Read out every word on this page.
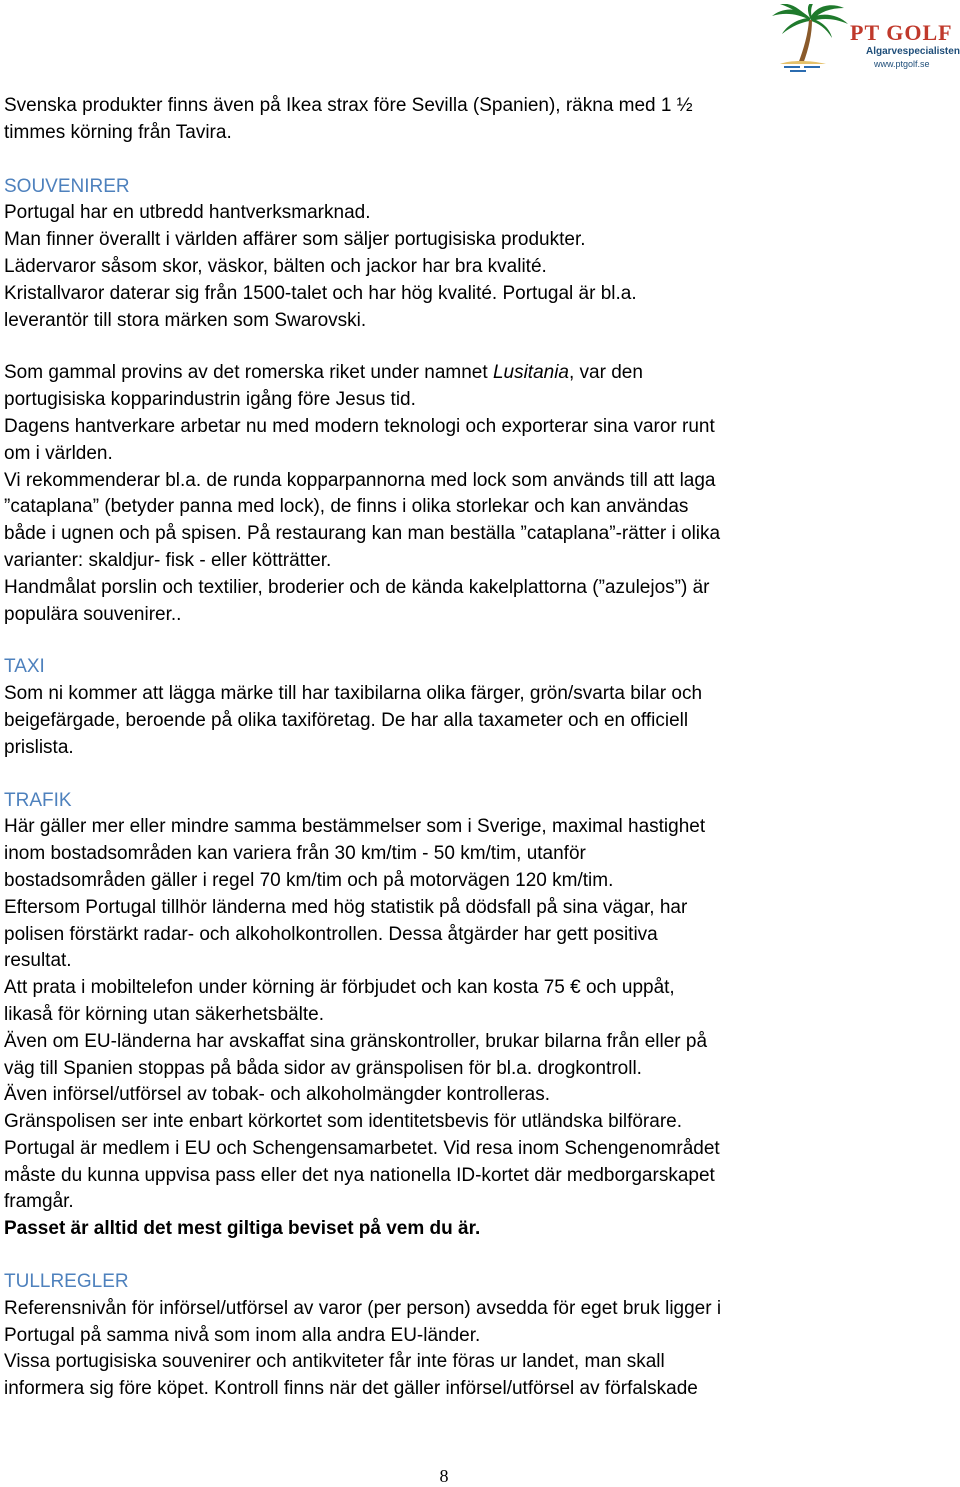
PT GOLF
Algarvespecialisten
www.ptgolf.se

Svenska produkter finns även på Ikea strax före Sevilla (Spanien), räkna med 1 ½

timmes körning från Tavira.

SOUVENIRER

Portugal har en utbredd hantverksmarknad.

Man finner överallt i världen affärer som säljer portugisiska produkter.

Lädervaror såsom skor, väskor, bälten och jackor har bra kvalité.

Kristallvaror daterar sig från 1500-talet och har hög kvalité. Portugal är bl.a.

leverantör till stora märken som Swarovski.

Som gammal provins av det romerska riket under namnet Lusitania, var den

portugisiska kopparindustrin igång före Jesus tid.

Dagens hantverkare arbetar nu med modern teknologi och exporterar sina varor runt

om i världen.

Vi rekommenderar bl.a. de runda kopparpannorna med lock som används till att laga

”cataplana” (betyder panna med lock), de finns i olika storlekar och kan användas

både i ugnen och på spisen. På restaurang kan man beställa ”cataplana”-rätter i olika

varianter: skaldjur- fisk - eller kötträtter.

Handmålat porslin och textilier, broderier och de kända kakelplattorna (”azulejos”) är

populära souvenirer..

TAXI

Som ni kommer att lägga märke till har taxibilarna olika färger, grön/svarta bilar och

beigefärgade, beroende på olika taxiföretag. De har alla taxameter och en officiell

prislista.

TRAFIK

Här gäller mer eller mindre samma bestämmelser som i Sverige, maximal hastighet

inom bostadsområden kan variera från 30 km/tim - 50 km/tim, utanför

bostadsområden gäller i regel 70 km/tim och på motorvägen 120 km/tim.

Eftersom Portugal tillhör länderna med hög statistik på dödsfall på sina vägar, har

polisen förstärkt radar- och alkoholkontrollen. Dessa åtgärder har gett positiva

resultat.

Att prata i mobiltelefon under körning är förbjudet och kan kosta 75 € och uppåt,

likaså för körning utan säkerhetsbälte.

Även om EU-länderna har avskaffat sina gränskontroller, brukar bilarna från eller på

väg till Spanien stoppas på båda sidor av gränspolisen för bl.a. drogkontroll.

Även införsel/utförsel av tobak- och alkoholmängder kontrolleras.

Gränspolisen ser inte enbart körkortet som identitetsbevis för utländska bilförare.

Portugal är medlem i EU och Schengensamarbetet. Vid resa inom Schengenområdet

måste du kunna uppvisa pass eller det nya nationella ID-kortet där medborgarskapet

framgår.

Passet är alltid det mest giltiga beviset på vem du är.

TULLREGLER

Referensnivån för införsel/utförsel av varor (per person) avsedda för eget bruk ligger i

Portugal på samma nivå som inom alla andra EU-länder.

Vissa portugisiska souvenirer och antikviteter får inte föras ur landet, man skall

informera sig före köpet. Kontroll finns när det gäller införsel/utförsel av förfalskade

8
